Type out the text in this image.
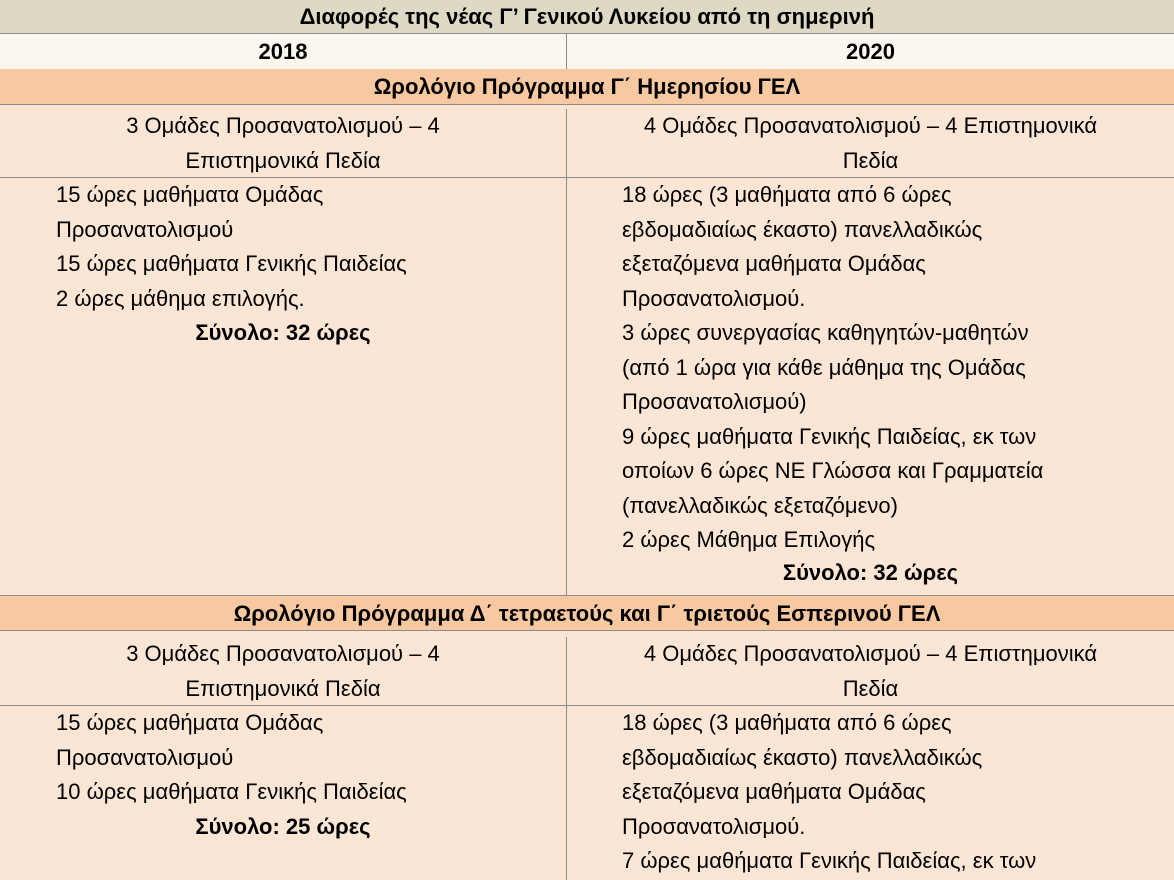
Διαφορές της νέας Γ’ Γενικού Λυκείου από τη σημερινή
2018	2020
Ωρολόγιο Πρόγραμμα Γ΄ Ημερησίου ΓΕΛ
3 Ομάδες Προσανατολισμού – 4
Επιστημονικά Πεδία
4 Ομάδες Προσανατολισμού – 4 Επιστημονικά
Πεδία
15 ώρες μαθήματα Ομάδας
Προσανατολισμού
15 ώρες μαθήματα Γενικής Παιδείας
2 ώρες μάθημα επιλογής.
Σύνολο: 32 ώρες
18 ώρες (3 μαθήματα από 6 ώρες
εβδομαδιαίως έκαστο) πανελλαδικώς
εξεταζόμενα μαθήματα Ομάδας
Προσανατολισμού.
3 ώρες συνεργασίας καθηγητών-μαθητών
(από 1 ώρα για κάθε μάθημα της Ομάδας
Προσανατολισμού)
9 ώρες μαθήματα Γενικής Παιδείας, εκ των
οποίων 6 ώρες ΝΕ Γλώσσα και Γραμματεία
(πανελλαδικώς εξεταζόμενο)
2 ώρες Μάθημα Επιλογής
Σύνολο: 32 ώρες
Ωρολόγιο Πρόγραμμα Δ΄ τετραετούς και Γ΄ τριετούς Εσπερινού ΓΕΛ
3 Ομάδες Προσανατολισμού – 4
Επιστημονικά Πεδία
4 Ομάδες Προσανατολισμού – 4 Επιστημονικά
Πεδία
15 ώρες μαθήματα Ομάδας
Προσανατολισμού
10 ώρες μαθήματα Γενικής Παιδείας
Σύνολο: 25 ώρες
18 ώρες (3 μαθήματα από 6 ώρες
εβδομαδιαίως έκαστο) πανελλαδικώς
εξεταζόμενα μαθήματα Ομάδας
Προσανατολισμού.
7 ώρες μαθήματα Γενικής Παιδείας, εκ των
